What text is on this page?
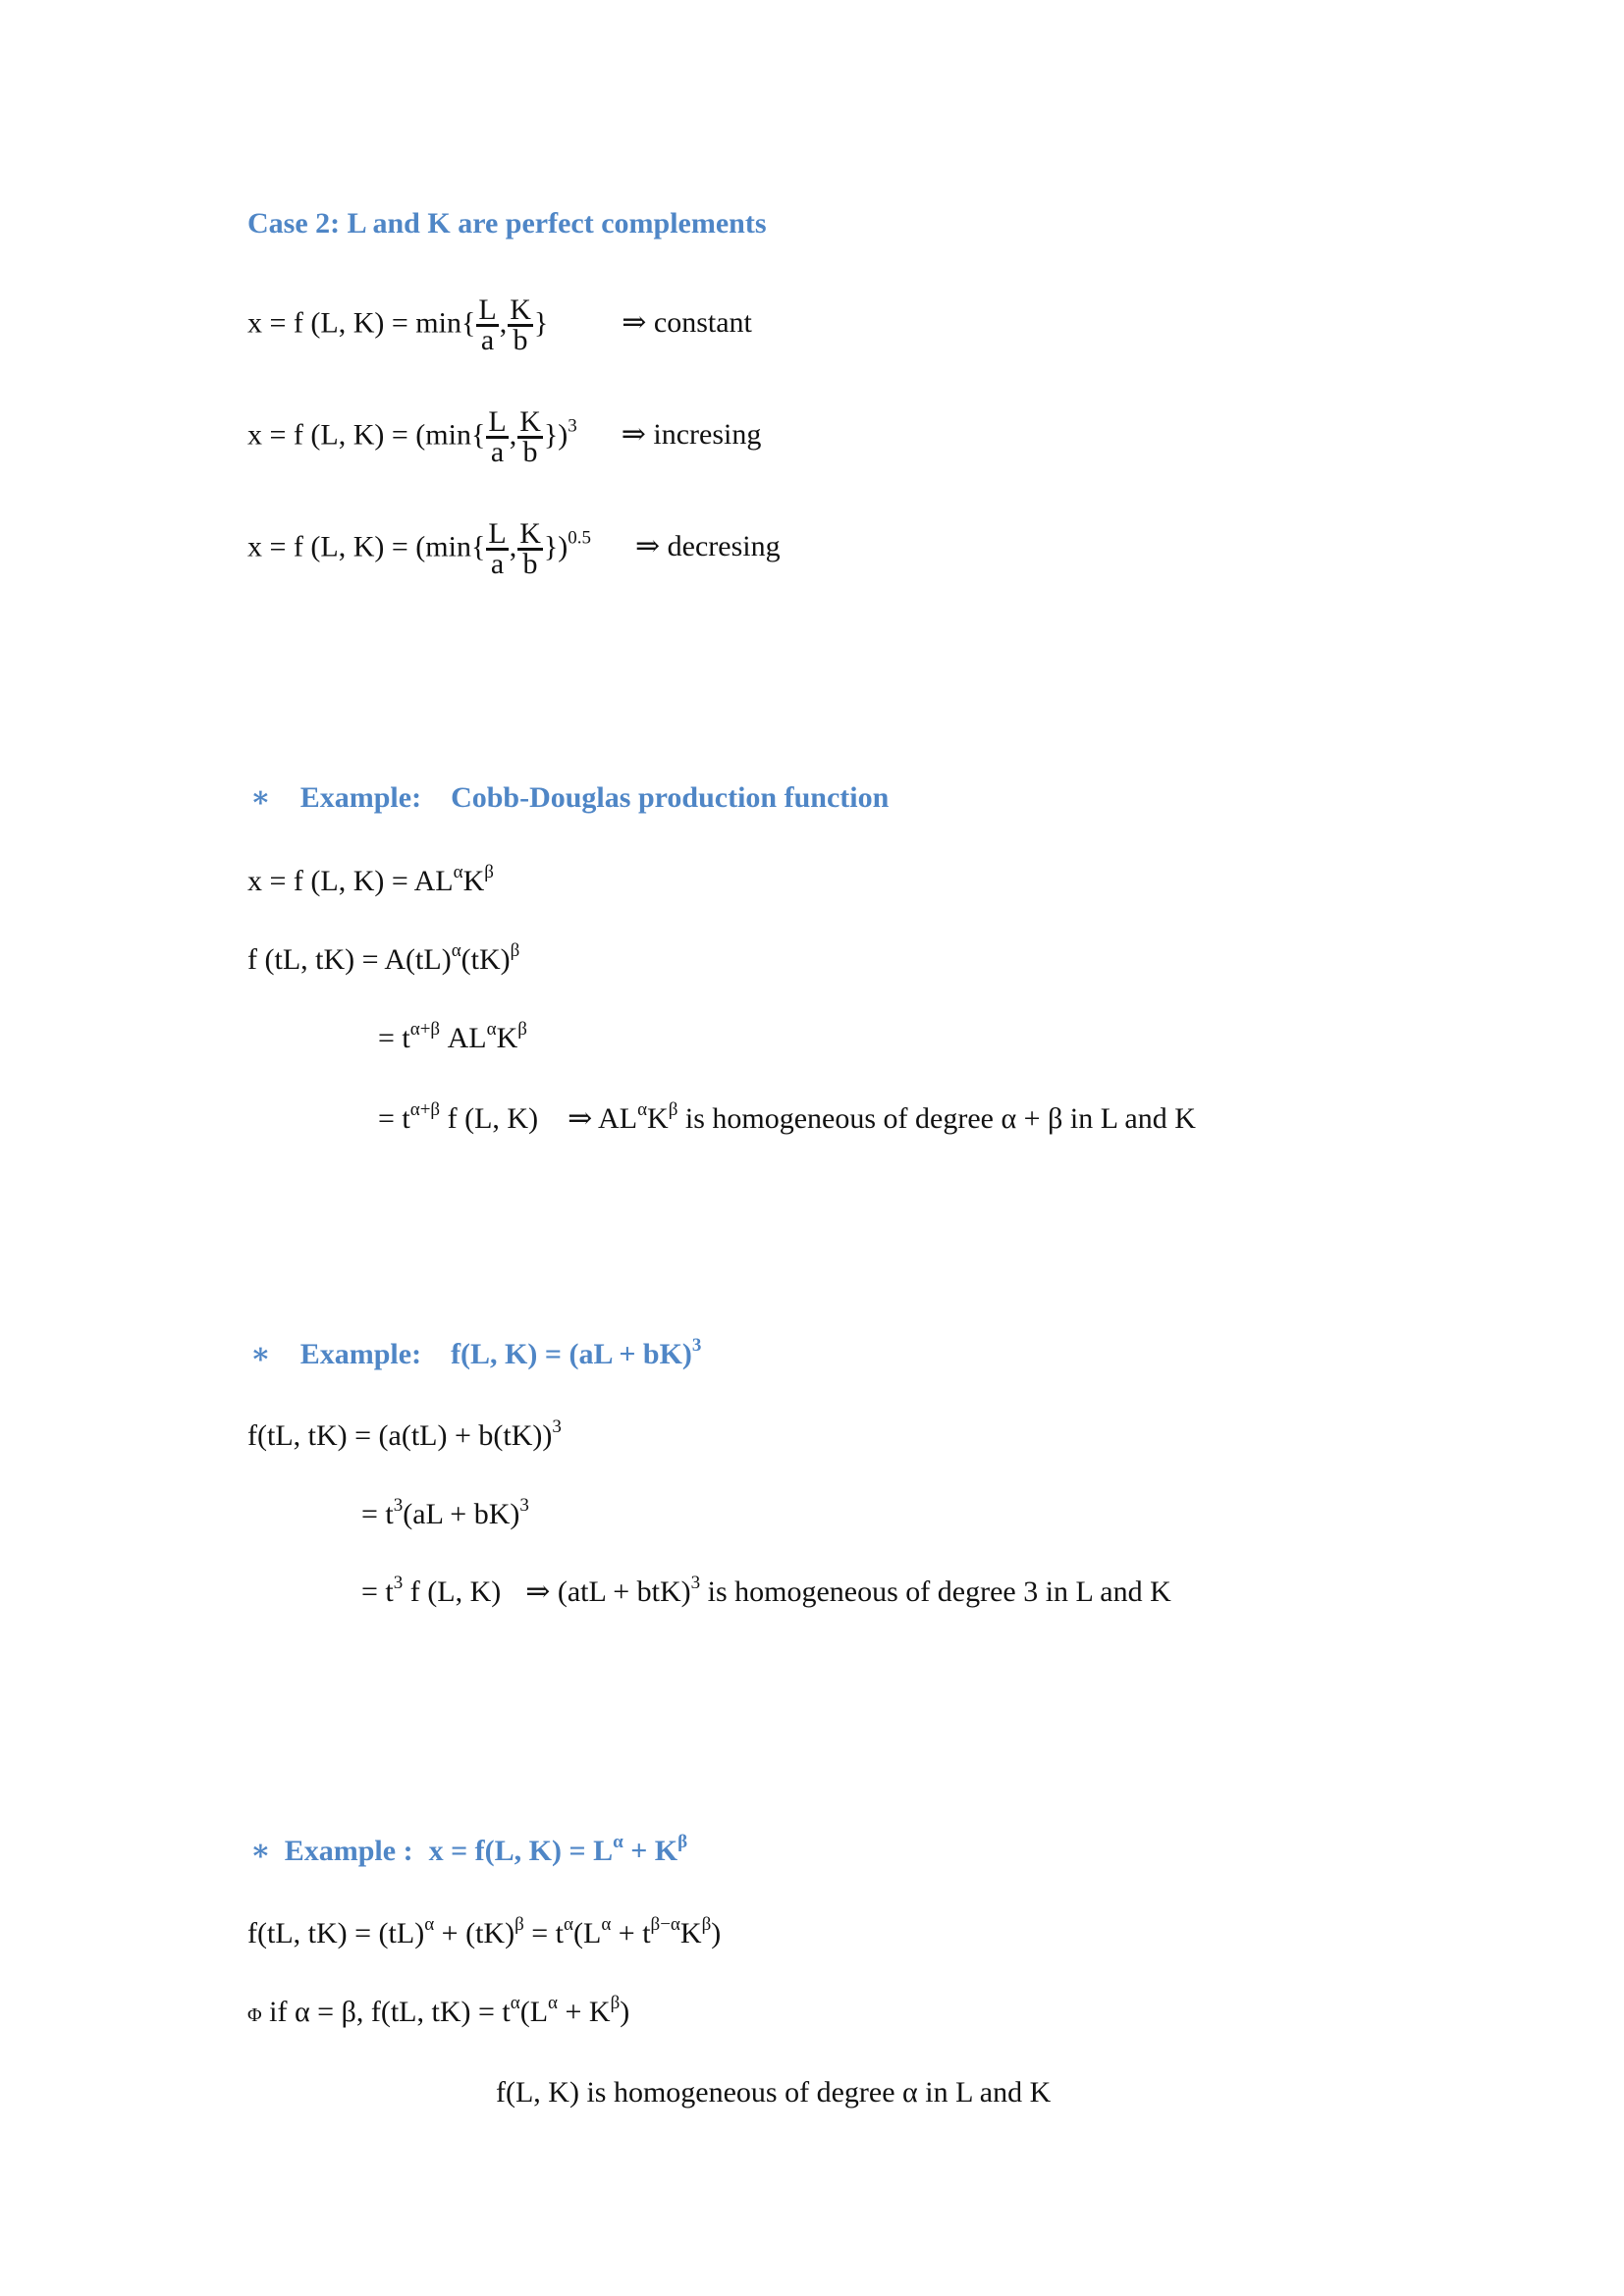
Case 2: L and K are perfect complements
x = f (L, $K) = \min\{ \frac{L}{a}$ , $\frac{K}{b}$ }	⇒ constant
x = f (L, $K) = (\min\{ \frac{L}{a}$ , $\frac{K}{b} \})^3$ ⇒ incresing
x = f (L, $K) = (\min\{ \frac{L}{a}$ , $\frac{K}{b} \})^{0.5}$ ⇒ decresing
∗ Example: Cobb-Douglas production function
x = f (L, $K) = AL^\alpha K^\beta$
f (tL, tK) = A(tL)$^\alpha$(tK)$^\beta$
= $t^{\alpha+\beta}$ $AL^\alpha K^\beta$
= $t^{\alpha+\beta}$ f (L, K) ⇒ $AL^\alpha K^\beta$ is homogeneous of degree α + β in L and K
∗ Example: f(L, K) = (aL + bK)$^3$
f(tL, $tK) = (a(tL) + b(tK))^3$
= $t^3(aL + bK)^3$
= $t^3$ f (L, K) ⇒ (atL + btK)$^3$ is homogeneous of degree 3 in L and K
∗ Example : x = f(L, $K) = L^\alpha + K^\beta$
f(tL, $tK) = (tL)^\alpha + (tK)^\beta = t^\alpha(L^\alpha + t^{\beta-\alpha}K^\beta)$
Φ if α = β, f(tL, $tK) = t^\alpha(L^\alpha + K^\beta)$
f(L, K) is homogeneous of degree α in L and K
